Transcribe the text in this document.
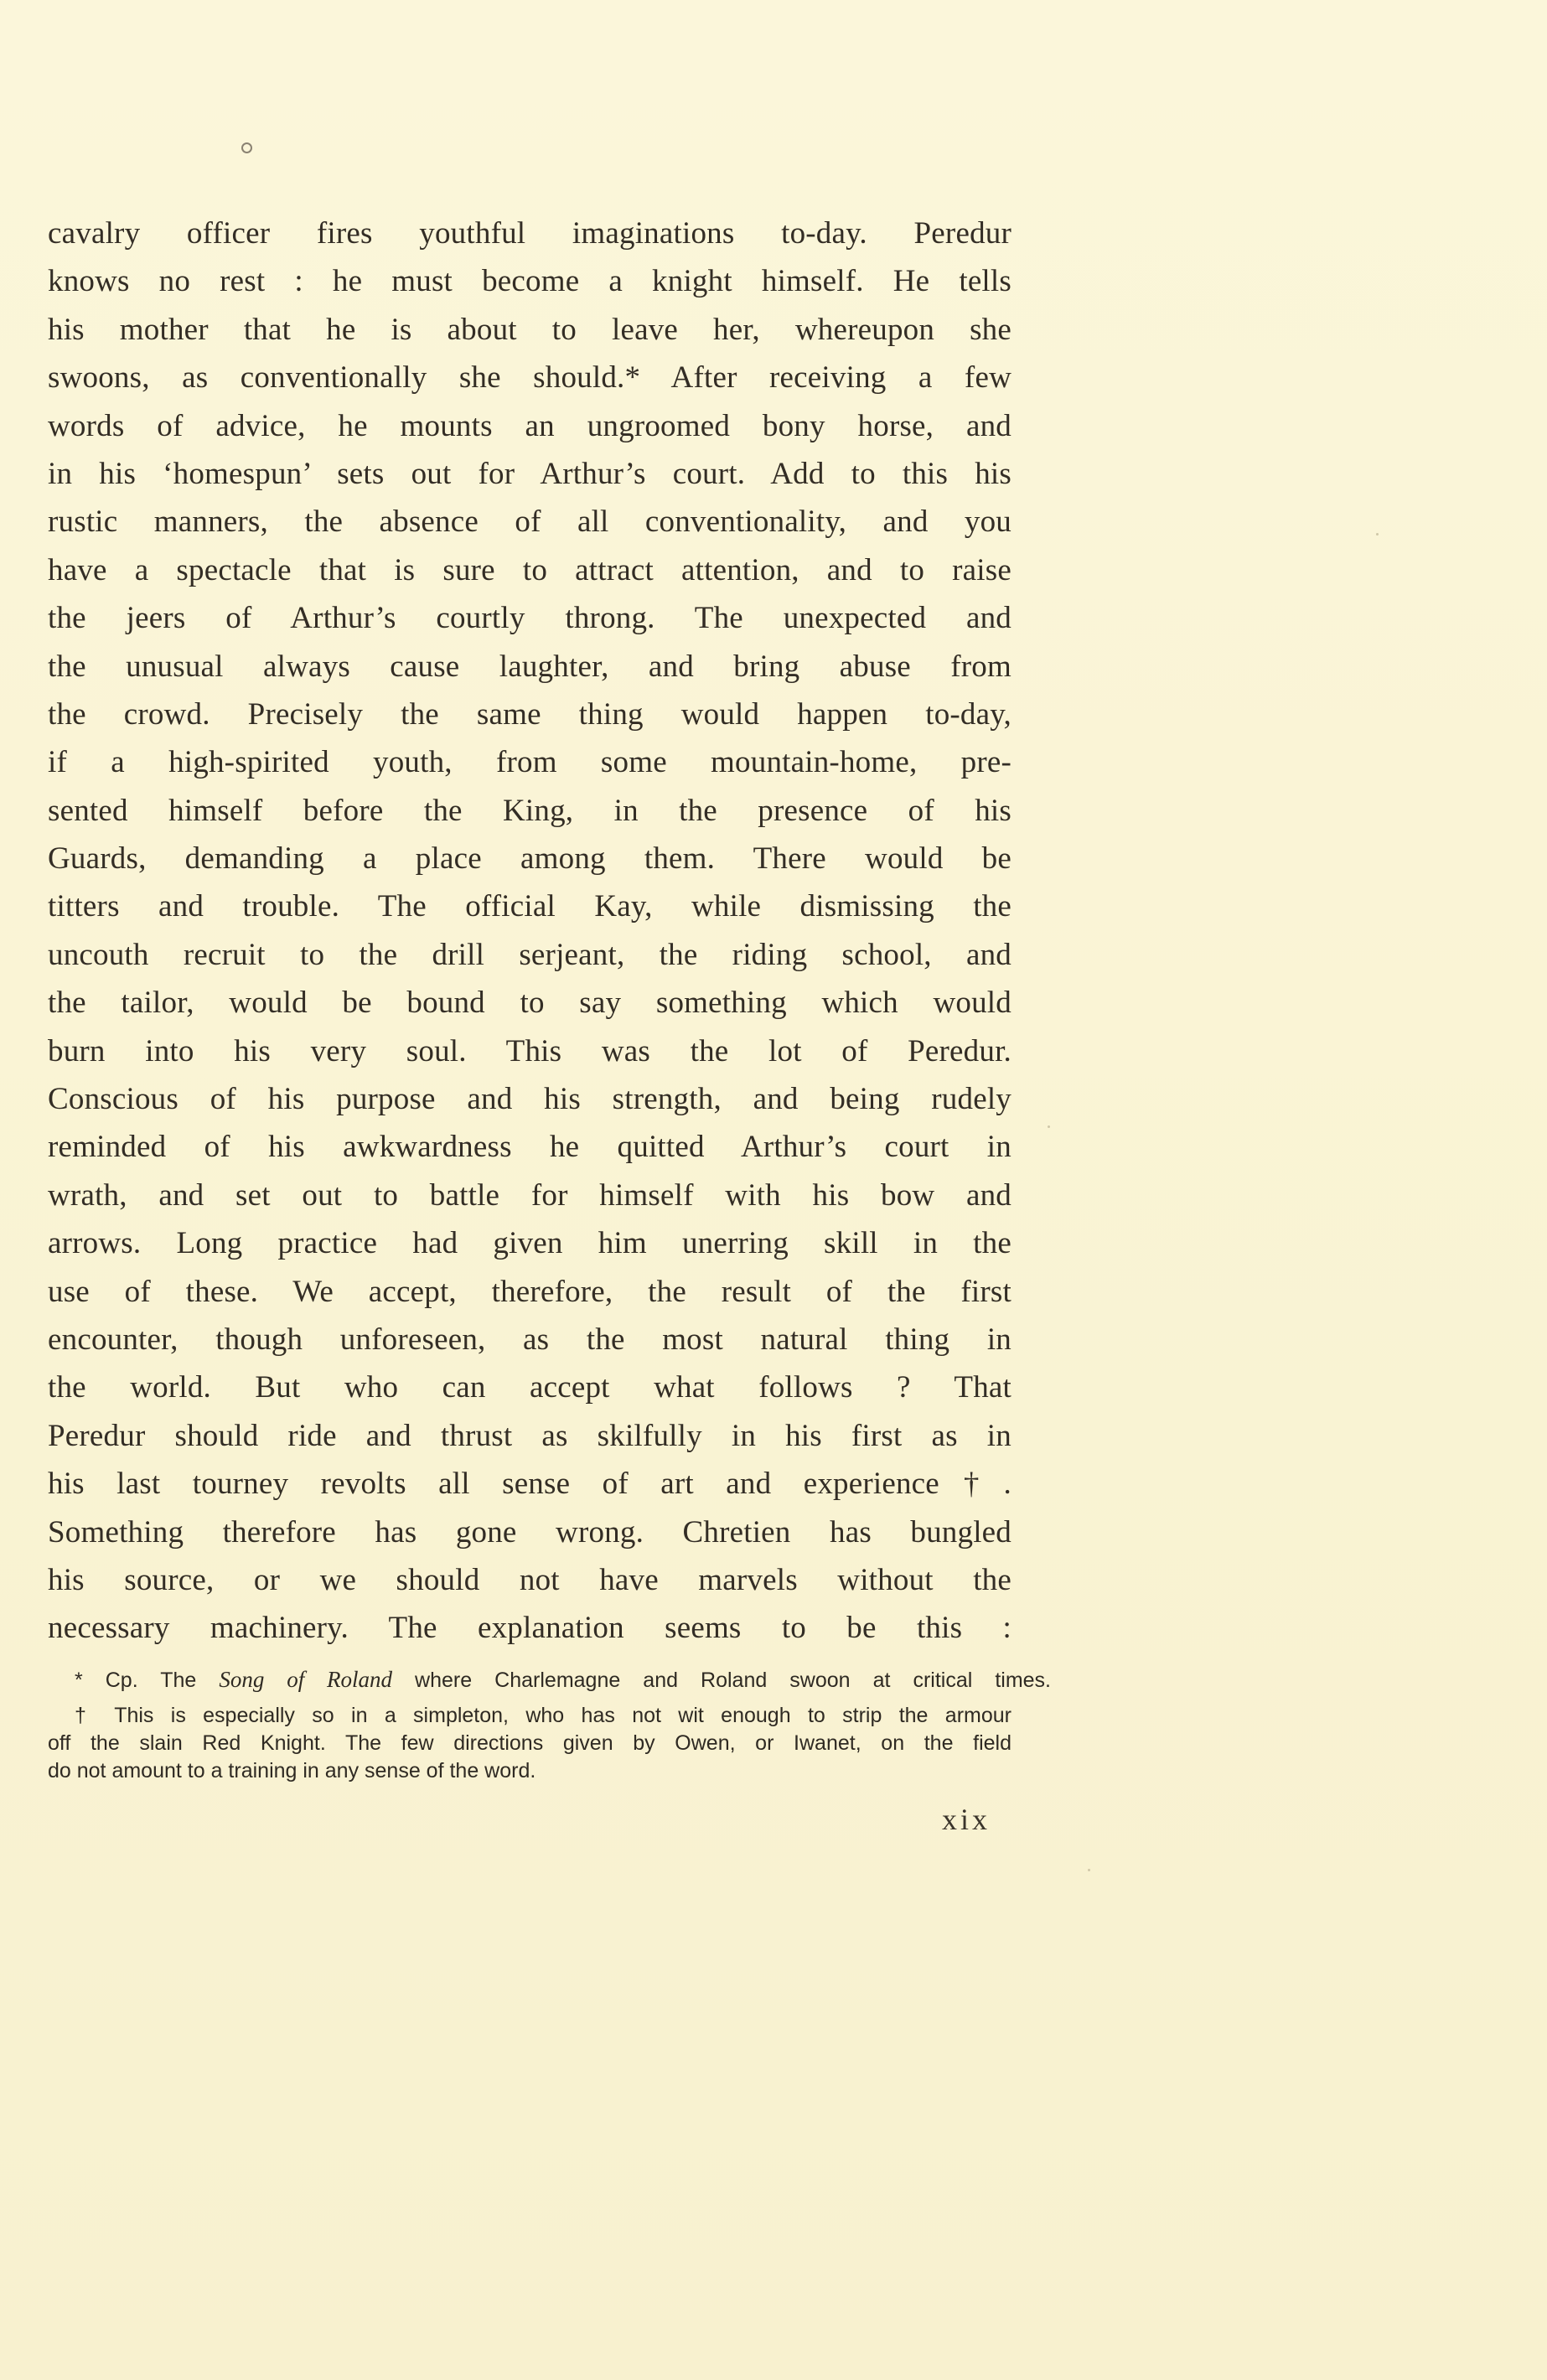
cavalry officer fires youthful imaginations to-day. Peredur
knows no rest : he must become a knight himself. He tells
his mother that he is about to leave her, whereupon she
swoons, as conventionally she should.* After receiving a few
words of advice, he mounts an ungroomed bony horse, and
in his ‘homespun’ sets out for Arthur’s court. Add to this his
rustic manners, the absence of all conventionality, and you
have a spectacle that is sure to attract attention, and to raise
the jeers of Arthur’s courtly throng. The unexpected and
the unusual always cause laughter, and bring abuse from
the crowd. Precisely the same thing would happen to-day,
if a high-spirited youth, from some mountain-home, pre-
sented himself before the King, in the presence of his
Guards, demanding a place among them. There would be
titters and trouble. The official Kay, while dismissing the
uncouth recruit to the drill serjeant, the riding school, and
the tailor, would be bound to say something which would
burn into his very soul. This was the lot of Peredur.
Conscious of his purpose and his strength, and being rudely
reminded of his awkwardness he quitted Arthur’s court in
wrath, and set out to battle for himself with his bow and
arrows. Long practice had given him unerring skill in the
use of these. We accept, therefore, the result of the first
encounter, though unforeseen, as the most natural thing in
the world. But who can accept what follows ? That
Peredur should ride and thrust as skilfully in his first as in
his last tourney revolts all sense of art and experience†.
Something therefore has gone wrong. Chretien has bungled
his source, or we should not have marvels without the
necessary machinery. The explanation seems to be this :
* Cp. The Song of Roland where Charlemagne and Roland swoon at critical times.
† This is especially so in a simpleton, who has not wit enough to strip the armour
off the slain Red Knight. The few directions given by Owen, or Iwanet, on the field
do not amount to a training in any sense of the word.
xix
